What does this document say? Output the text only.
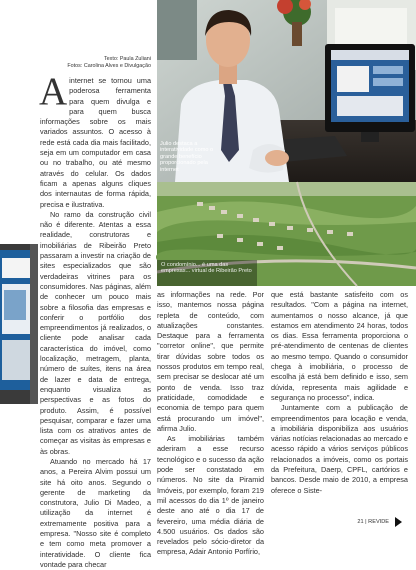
Julio destaca a interatividade como o grande benefício proporcionado pela internet
O condomínio... é uma das empresas... virtual de Ribeirão Preto
Texto: Paula Zuliani
Fotos: Carolina Alves e Divulgação

Ainternet se tornou uma poderosa ferramenta para quem divulga e para quem busca informações sobre os mais variados assuntos. O acesso à rede está cada dia mais facilitado, seja em um computador em casa ou no trabalho, ou até mesmo através do celular. Os dados ficam a apenas alguns cliques dos internautas de forma rápida, precisa e ilustrativa.

No ramo da construção civil não é diferente. Atentas a essa realidade, construtoras e imobiliárias de Ribeirão Preto passaram a investir na criação de sites especializados que são verdadeiras vitrines para os consumidores. Nas páginas, além de conhecer um pouco mais sobre a filosofia das empresas e conferir o portfólio dos empreendimentos já realizados, o cliente pode analisar cada característica do imóvel, como localização, metragem, planta, número de suítes, itens na área de lazer e data de entrega, enquanto visualiza as perspectivas e as fotos do produto. Assim, é possível pesquisar, comparar e fazer uma lista com os atrativos antes de começar as visitas às empresas e às obras.

Atuando no mercado há 17 anos, a Pereira Alvim possui um site há oito anos. Segundo o gerente de marketing da construtora, Julio Di Madeo, a utilização da internet é extremamente positiva para a empresa. "Nosso site é completo e tem como meta promover a interatividade. O cliente fica vontade para checar

as informações na rede. Por isso, mantemos nossa página repleta de conteúdo, com atualizações constantes. Destaque para a ferramenta "corretor online", que permite tirar dúvidas sobre todos os nossos produtos em tempo real, sem precisar se deslocar até um ponto de venda. Isso traz praticidade, comodidade e economia de tempo para quem está procurando um imóvel", afirma Julio.

As imobiliárias também aderiram a esse recurso tecnológico e o sucesso da ação pode ser constatado em números. No site da Piramid Imóveis, por exemplo, foram 219 mil acessos do dia 1º de janeiro deste ano até o dia 17 de fevereiro, uma média diária de 4.500 usuários. Os dados são revelados pelo sócio-diretor da empresa, Adair Antonio Porfírio,

que está bastante satisfeito com os resultados. "Com a página na internet, aumentamos o nosso alcance, já que estamos em atendimento 24 horas, todos os dias. Essa ferramenta proporciona o pré-atendimento de centenas de clientes ao mesmo tempo. Quando o consumidor chega à imobiliária, o processo de escolha já está bem definido e isso, sem dúvida, representa mais agilidade e segurança no processo", indica.

Juntamente com a publicação de empreendimentos para locação e venda, a imobiliária disponibiliza aos usuários várias notícias relacionadas ao mercado e acesso rápido a vários serviços públicos relacionados a imóveis, como os portais da Prefeitura, Daerp, CPFL, cartórios e bancos. Desde maio de 2010, a empresa oferece o Siste-

21 | REVIDE
